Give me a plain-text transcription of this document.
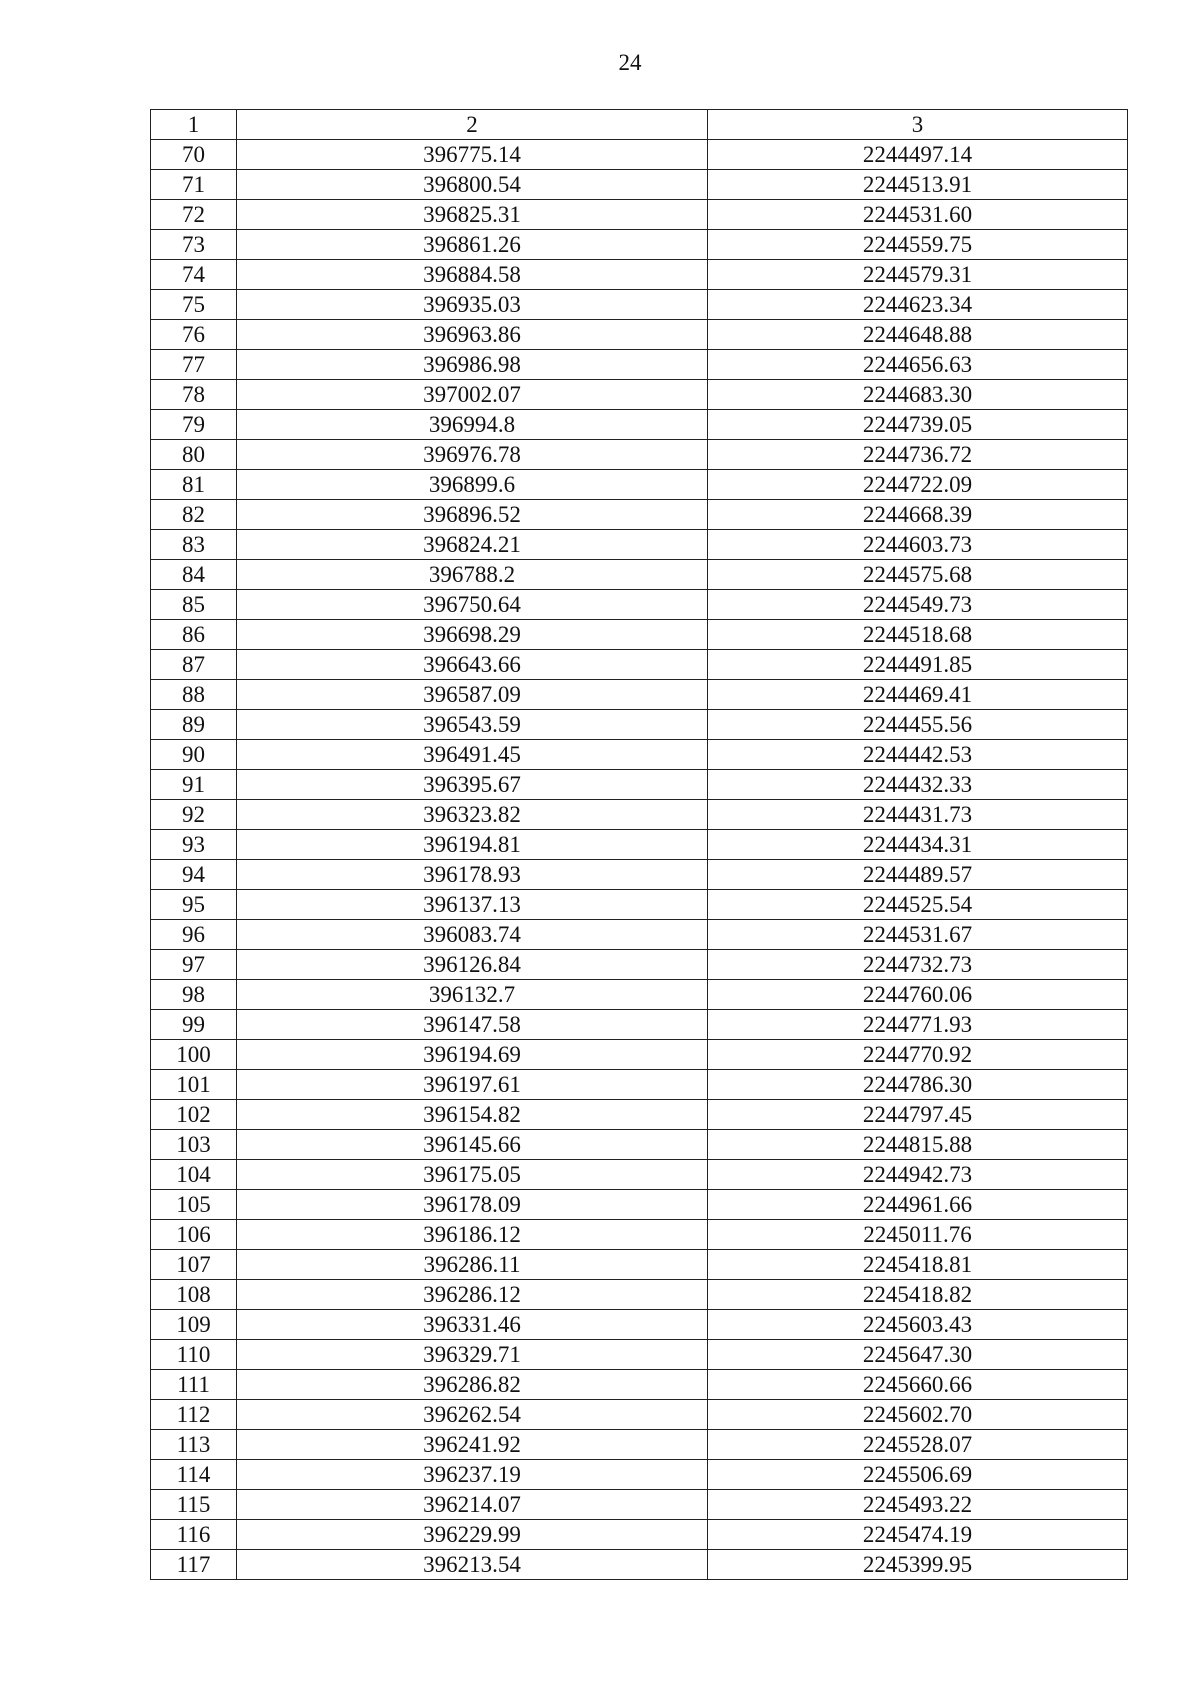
24
1	2	3
70	396775.14	2244497.14
71	396800.54	2244513.91
72	396825.31	2244531.60
73	396861.26	2244559.75
74	396884.58	2244579.31
75	396935.03	2244623.34
76	396963.86	2244648.88
77	396986.98	2244656.63
78	397002.07	2244683.30
79	396994.8	2244739.05
80	396976.78	2244736.72
81	396899.6	2244722.09
82	396896.52	2244668.39
83	396824.21	2244603.73
84	396788.2	2244575.68
85	396750.64	2244549.73
86	396698.29	2244518.68
87	396643.66	2244491.85
88	396587.09	2244469.41
89	396543.59	2244455.56
90	396491.45	2244442.53
91	396395.67	2244432.33
92	396323.82	2244431.73
93	396194.81	2244434.31
94	396178.93	2244489.57
95	396137.13	2244525.54
96	396083.74	2244531.67
97	396126.84	2244732.73
98	396132.7	2244760.06
99	396147.58	2244771.93
100	396194.69	2244770.92
101	396197.61	2244786.30
102	396154.82	2244797.45
103	396145.66	2244815.88
104	396175.05	2244942.73
105	396178.09	2244961.66
106	396186.12	2245011.76
107	396286.11	2245418.81
108	396286.12	2245418.82
109	396331.46	2245603.43
110	396329.71	2245647.30
111	396286.82	2245660.66
112	396262.54	2245602.70
113	396241.92	2245528.07
114	396237.19	2245506.69
115	396214.07	2245493.22
116	396229.99	2245474.19
117	396213.54	2245399.95
